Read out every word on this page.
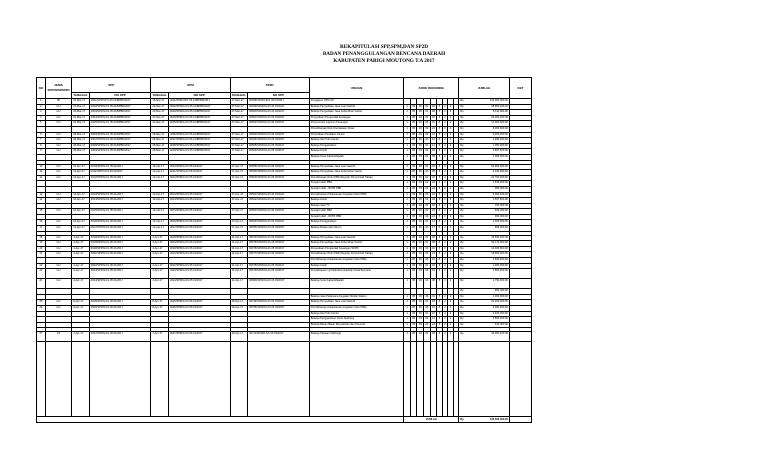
REKAPITULASI SPP,SPM,DAN SP2D
BADAN PENANGGULANGAN BENCANA DAERAH
KABUPATEN PARIGI MOUTONG T.A 2017
NO	JENIS SPP/SPM/SP2D	SPP		SPM		SP2D		URAIAN	KODE REKENING									JUMLAH	KET
		TANGGAL	NO SPP	TANGGAL	NO SPP	TANGGAL	NO SPP												
1	UP	16-Mar-17	0001/SPP/UP/1.05.01/BPBD/2017	16-Mar-17	0001/SPM/UP/1.05.01/BPBD/2017	17-Mar-17	00498/SP2D/UP/1.05.03/2017	Pengajuan SPM UP										Rp 100,000,000.00	
2	GU	22-Mar-17	0002/SPP/GU/1.05.01/BPBD/2017	22-Mar-17	0002/SPM/GU/1.05.01/BPBD/2017	27-Mar-17	00499/SP2D/GU/1.05.03/2017	Belanja Penyediaan Jasa Luar Daerah	1	05	03	01	02	5	2	2		Rp 38,950,000.00	
3	GU	22-Mar-17	0003/SPP/GU/1.05.01/BPBD/2017	22-Mar-17	0003/SPM/GU/1.05.01/BPBD/2017	27-Mar-17	00500/SP2D/GU/1.05.03/2017	Belanja Penyediaan Jasa Kebersihan Kantor	1	05	03	01	08	5	2	2		Rp 5,110,000.00	
4	GU	22-Mar-17	0004/SPP/GU/1.05.01/BPBD/2017	22-Mar-17	0004/SPM/GU/1.05.01/BPBD/2017	27-Mar-17	00501/SP2D/GU/1.05.03/2017	Penyediaan Pengendali Keuangan	1	05	03	01	10	5	2	2		Rp 20,000,000.00	
5	GU	22-Mar-17	0005/SPP/GU/1.05.01/BPBD/2017	22-Mar-17	0005/SPM/GU/1.05.01/BPBD/2017	27-Mar-17	00502/SP2D/GU/1.05.03/2017	Penyusunan Laporan Keuangan	1	05	03	06	01	5	2	2		Rp 10,000,000.00	
								Pemeliharaan Rutin Kendaraan Dinas	1	05	03	02	24	5	2	2		Rp 8,000,000.00	
6	GU	28-Mar-17	0006/SPP/GU/1.05.01/BPBD/2017	28-Mar-17	0006/SPM/GU/1.05.01/BPBD/2017	27-Mar-17	00503/SP2D/GU/1.05.03/2017	Penyediaan Peralatan Kantor	1	05	03	01	12	5	2	2		Rp 3,200,000.00	
7	GU	28-Mar-17	0007/SPP/GU/1.05.01/BPBD/2017	28-Mar-17	0007/SPM/GU/1.05.01/BPBD/2017	27-Mar-17	00504/SP2D/GU/1.05.03/2017	Belanja Alat Tulis Kantor	1	05	03	01	10	5	2	2		Rp 1,990,000.00	
8	GU	28-Mar-17	0008/SPP/GU/1.05.01/BPBD/2017	28-Mar-17	0008/SPM/GU/1.05.01/BPBD/2017	27-Mar-17	00505/SP2D/GU/1.05.03/2017	Belanja Penggandaan	1	05	03	01	11	5	2	2		Rp 1,050,000.00	
9	GU	28-Mar-17	0009/SPP/GU/1.05.01/BPBD/2017	28-Mar-17	0009/SPM/GU/1.05.01/BPBD/2017	27-Mar-17	00506/SP2D/GU/1.05.03/2017	Belanja Listrik	1	05	03	01	04	5	2	2		Rp 4,897,500.00	
								Belanja Surat Kabar/Majalah	1	05	03	01	06	5	2	2		Rp 1,380,000.00	

10	GU	12-Apr-17	0010/SPP/GU/1.05.01/2017	12-Apr-17	0010/SPM/GU/1.05.01/2017	17-Apr-17	00558/SP2D/GU/1.05.03/2017	Belanja Penyediaan Jasa Luar Daerah	1	05	03	01	02	5	2	2		Rp 53,900,000.00	
11	GU	12-Apr-17	0011/SPP/GU/1.05.01/2017	12-Apr-17	0011/SPM/GU/1.05.01/2017	17-Apr-17	00559/SP2D/GU/1.05.03/2017	Belanja Penyediaan Jasa Kebersihan Kantor	1	05	03	01	08	5	2	2		Rp 5,190,000.00	
12	GU	12-Apr-17	0012/SPP/GU/1.05.01/2017	12-Apr-17	0012/SPM/GU/1.05.01/2017	17-Apr-17	00560/SP2D/GU/1.05.03/2017	Pemeliharaan Rutin PBD (Reguler Pemerintah Tahap)	1	05	03	02	24	5	2	2		Rp 10,700,000.00	
								Sungai Indah PBD	1	05	03	02	24	5	2	2		Rp 2,636,000.00	
								Sungai Indah - RKTB PBD	1	05	03	02	24	5	2	2		Rp 950,000.00	
13	GU	12-Apr-17	0013/SPP/GU/1.05.01/2017	12-Apr-17	0013/SPM/GU/1.05.01/2017	17-Apr-17	00561/SP2D/GU/1.05.03/2017	Pemeliharaan Pelaksanaan Kegiatan (Non PBD)	1	05	03	06	01	5	2	2		Rp 9,000,000.00	
14	GU	12-Apr-17	0014/SPP/GU/1.05.01/2017	12-Apr-17	0014/SPM/GU/1.05.01/2017	17-Apr-17	00562/SP2D/GU/1.05.03/2017	Belanja Listrik	1	05	03	01	04	5	2	2		Rp 1,557,500.00	
								Belanja Jasa TV	1	05	03	01	06	5	2	2		Rp 150,000.00	
15	GU	12-Apr-17	0015/SPP/GU/1.05.01/2017	12-Apr-17	0015/SPM/GU/1.05.01/2017	17-Apr-17	00563/SP2D/GU/1.05.03/2017	Sungai Indah PBD	1	05	03	02	24	5	2	2		Rp 930,000.00	
								Sungai Indah - RKTB PBD	1	05	03	02	24	5	2	2		Rp 960,000.00	
16	GU	12-Apr-17	0016/SPP/GU/1.05.01/2017	12-Apr-17	0016/SPM/GU/1.05.01/2017	17-Apr-17	00564/SP2D/GU/1.05.03/2017	Belanja Penggandaan	1	05	03	01	11	5	2	2		Rp 1,025,000.00	
17	GU	12-Apr-17	0017/SPP/GU/1.05.01/2017	12-Apr-17	0017/SPM/GU/1.05.01/2017	17-Apr-17	00565/SP2D/GU/1.05.03/2017	Belanja Makan dan Minum	1	05	03	01	17	5	2	2		Rp 805,000.00	

18	GU	4-Apr-17	0018/SPP/GU/1.05.01/2017	4-Apr-17	0018/SPM/GU/1.05.01/2017	11-Apr-17	00674/SP2D/GU/1.05.03/2017	Belanja Penyediaan Jasa Luar Daerah	1	05	03	01	02	5	2	2		Rp 35,650,000.00	
19	GU	4-Apr-17	0019/SPP/GU/1.05.01/2017	4-Apr-17	0019/SPM/GU/1.05.01/2017	11-Apr-17	00675/SP2D/GU/1.05.03/2017	Belanja Penyediaan Jasa Kebersihan Kantor	1	05	03	01	08	5	2	2		Rp 30,170,000.00	
20	GU	4-Apr-17	0020/SPP/GU/1.05.01/2017	4-Apr-17	0020/SPM/GU/1.05.01/2017	11-Apr-17	00676/SP2D/GU/1.05.03/2017	Penyediaan Pengendali Keuangan SKPD	1	05	03	01	10	5	2	2		Rp 12,000,000.00	
21	GU	4-Apr-17	0021/SPP/GU/1.05.01/2017	4-Apr-17	0021/SPM/GU/1.05.01/2017	11-Apr-17	00677/SP2D/GU/1.05.03/2017	Pemeliharaan Rutin PBD (Reguler Pemerintah Tahap)	1	05	03	02	24	5	2	2		Rp 18,900,000.00	
								Pemeliharaan Pelaksanaan Kegiatan (Non PBD)	1	05	03	06	01	5	2	2		Rp 1,500,000.00	
22	GU	4-Apr-17	0022/SPP/GU/1.05.01/2017	4-Apr-17	0022/SPM/GU/1.05.01/2017	11-Apr-17	00678/SP2D/GU/1.05.03/2017	Belanja Listrik	1	05	03	01	04	5	2	2		Rp 1,360,000.00	
23	GU	4-Apr-17	0023/SPP/GU/1.05.01/2017	4-Apr-17	0023/SPM/GU/1.05.01/2017	11-Apr-17	00679/SP2D/GU/1.05.03/2017	Pemeliharaan Uji Petik/Pemutakhiran Data Bencana	1	05	03	06	01	5	2	2		Rp 1,800,000.00	
24	GU	4-Apr-17	0024/SPP/GU/1.05.01/2017	4-Apr-17	0024/SPM/GU/1.05.01/2017	11-Apr-17	00680/SP2D/GU/1.05.03/2017	Belanja Surat Kabar/Majalah	1	05	03	01	06	5	2	2		Rp 1,750,000.00	

																		Rp 950,000.00	
								Belanja Jasa Pelaksana Kegiatan Mobile Station	1	05	03	06	01	5	2	2		Rp 1,900,000.00	
25	GU	8-Apr-17	0025/SPP/GU/1.05.01/2017	8-Apr-17	0025/SPM/GU/1.05.01/2017	18-Apr-17	00734/SP2D/GU/1.05.03/2017	Belanja Penyediaan Jasa Luar Daerah	1	05	03	01	02	5	2	2		Rp 20,300,000.00	
26	GU	8-Apr-17	0026/SPP/GU/1.05.01/2017	8-Apr-17	0026/SPM/GU/1.05.01/2017	18-Apr-17	00735/SP2D/GU/1.05.03/2017	Pemeliharaan Pelaksanaan Kegiatan (Non PBD)	1	05	03	06	01	5	2	2		Rp 3,380,000.00	
								Belanja Alat Tulis Kantor	1	05	03	01	10	5	2	2		Rp 3,400,000.00	
								Belanja Penggandaan Surat Sekbang	1	05	03	01	11	5	2	2		Rp 5,800,000.00	
								Belanja Bahan Bakar Minyak/Gas dan Pelumas	1	05	03	02	24	5	2	2		Rp 610,000.00	

27	LS	7-Apr-17	0027/SPP/GU/1.05.01/2017	7-Apr-17	0027/SPM/GU/1.05.01/2017	10-Apr-17	00711/SP2D/LS/1.05.03/2017	Belanja Pakaian Olahraga	1	05	03	01	18	5	2	2		Rp 30,000,000.00	

									JUMLAH									Rp 430,502,000.00	
